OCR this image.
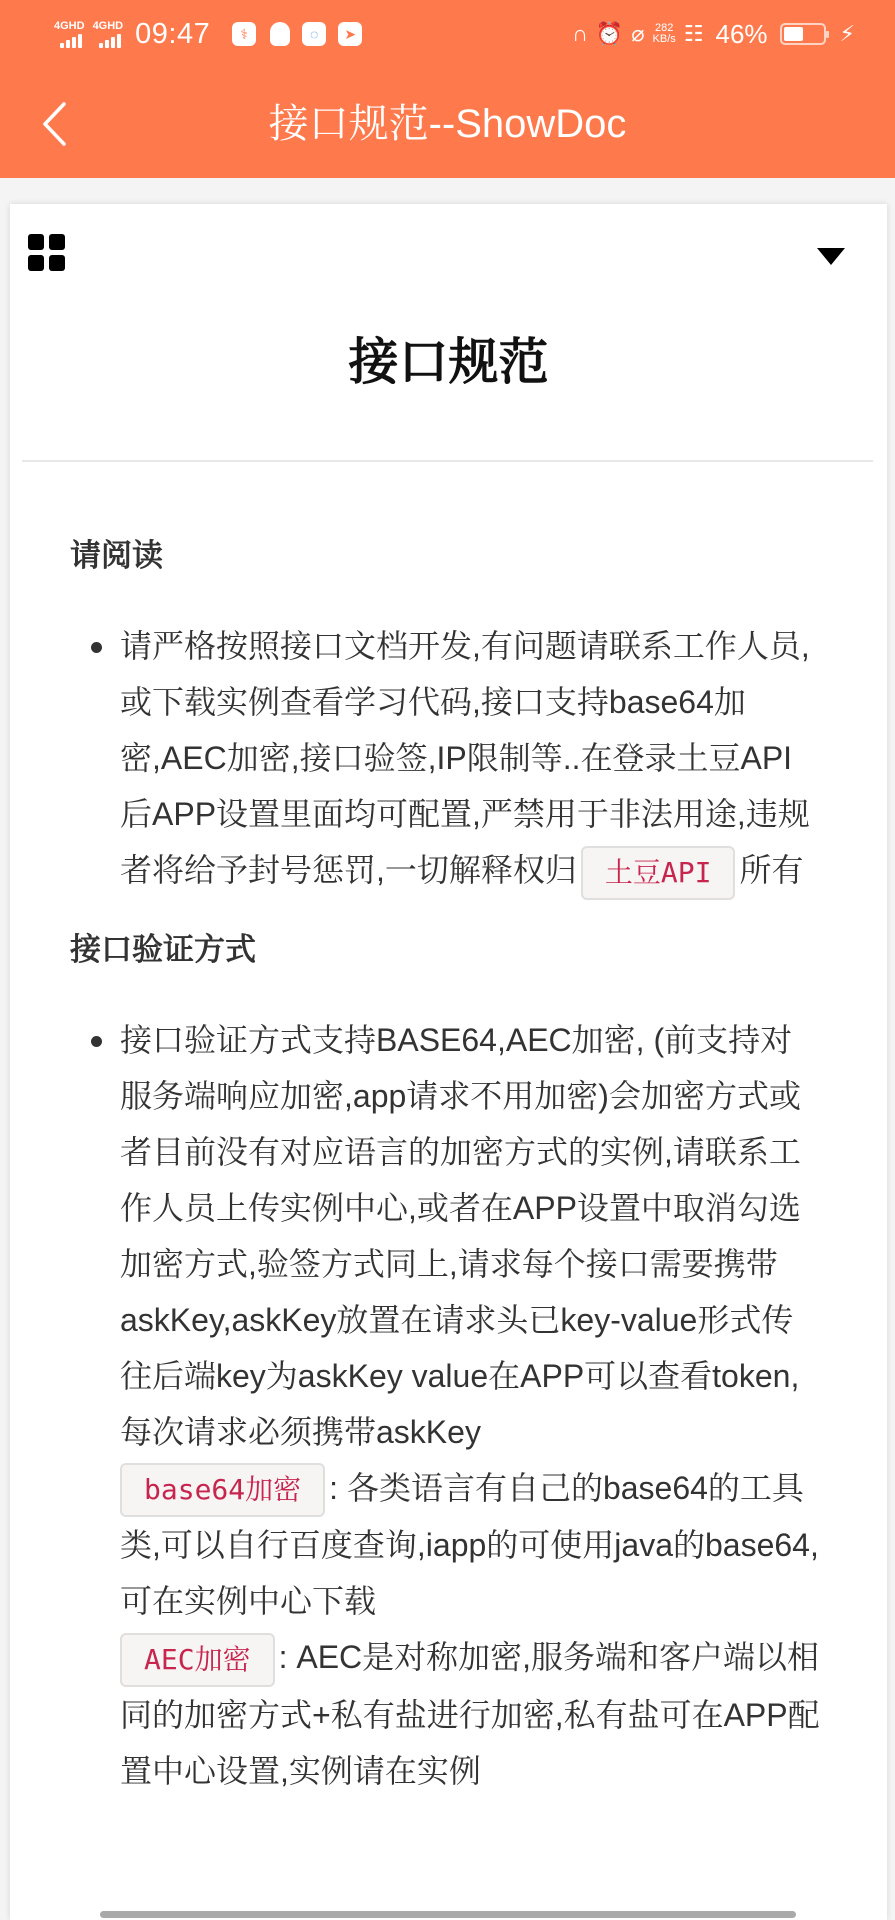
4GHD 4GHD 09:47	⚕	◌	➤	∩ ⏰ ⌀ 282
KB/s ☷ 46%	⚡
接口规范--ShowDoc
接口规范
请阅读
请严格按照接口文档开发,有问题请联系工作人员,或下载实例查看学习代码,接口支持base64加密,AEC加密,接口验签,IP限制等..在登录土豆API后APP设置里面均可配置,严禁用于非法用途,违规者将给予封号惩罚,一切解释权归 土豆API 所有
接口验证方式
接口验证方式支持BASE64,AEC加密, (前支持对服务端响应加密,app请求不用加密)会加密方式或者目前没有对应语言的加密方式的实例,请联系工作人员上传实例中心,或者在APP设置中取消勾选加密方式,验签方式同上,请求每个接口需要携带askKey,askKey放置在请求头已key-value形式传往后端key为askKey value在APP可以查看token,每次请求必须携带askKey
base64加密 : 各类语言有自己的base64的工具类,可以自行百度查询,iapp的可使用java的base64,可在实例中心下载
AEC加密 : AEC是对称加密,服务端和客户端以相同的加密方式+私有盐进行加密,私有盐可在APP配置中心设置,实例请在实例
